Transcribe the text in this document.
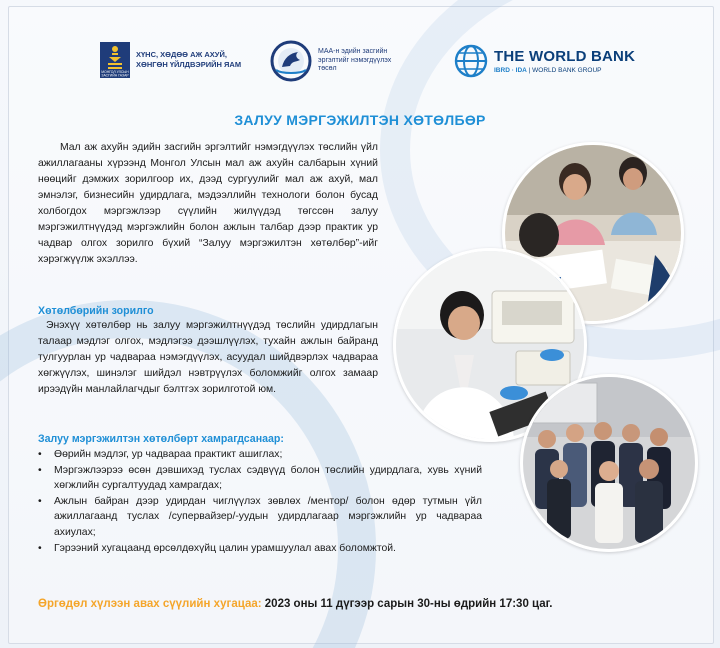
МОНГОЛ УЛСЫН
ЗАСГИЙН ГАЗАР
ХҮНС, ХӨДӨӨ АЖ АХУЙ,
ХӨНГӨН ҮЙЛДВЭРИЙН ЯАМ
МАА-н эдийн засгийн
эргэлтийг нэмэгдүүлэх
төсөл
THE WORLD BANK
IBRD · IDA | WORLD BANK GROUP
ЗАЛУУ МЭРГЭЖИЛТЭН ХӨТӨЛБӨР
Мал аж ахуйн эдийн засгийн эргэлтийг нэмэгдүүлэх төслийн үйл ажиллагааны хүрээнд Монгол Улсын мал аж ахуйн салбарын хүний нөөцийг дэмжих зорилгоор их, дээд сургуулийг мал аж ахуй, мал эмнэлэг, бизнесийн удирдлага, мэдээллийн технологи болон бусад холбогдох мэргэжлээр сүүлийн жилүүдэд төгссөн залуу мэргэжилтнүүдэд мэргэжлийн болон ажлын талбар дээр практик ур чадвар олгох зорилго бүхий “Залуу мэргэжилтэн хөтөлбөр”-ийг хэрэгжүүлж эхэллээ.
Хөтөлбөрийн зорилго
Энэхүү хөтөлбөр нь залуу мэргэжилтнүүдэд төслийн удирдлагын талаар мэдлэг олгох, мэдлэгээ дээшлүүлэх, тухайн ажлын байранд тулгуурлан ур чадвараа нэмэгдүүлэх, асуудал шийдвэрлэх чадвараа хөгжүүлэх, шинэлэг шийдэл нэвтрүүлэх боломжийг олгох замаар ирээдүйн манлайлагчдыг бэлтгэх зорилготой юм.
Залуу мэргэжилтэн хөтөлбөрт хамрагдсанаар:
• Өөрийн мэдлэг, ур чадвараа практикт ашиглах;
• Мэргэжлээрээ өсөн дэвшихэд туслах сэдвүүд болон төслийн удирдлага, хувь хүний хөгжлийн сургалтуудад хамрагдах;
• Ажлын байран дээр удирдан чиглүүлэх зөвлөх /ментор/ болон өдөр тутмын үйл ажиллагаанд туслах /супервайзер/-уудын удирдлагаар мэргэжлийн ур чадвараа ахиулах;
• Гэрээний хугацаанд өрсөлдөхүйц цалин урамшуулал авах боломжтой.
Өргөдөл хүлээн авах сүүлийн хугацаа: 2023 оны 11 дүгээр сарын 30-ны өдрийн 17:30 цаг.
